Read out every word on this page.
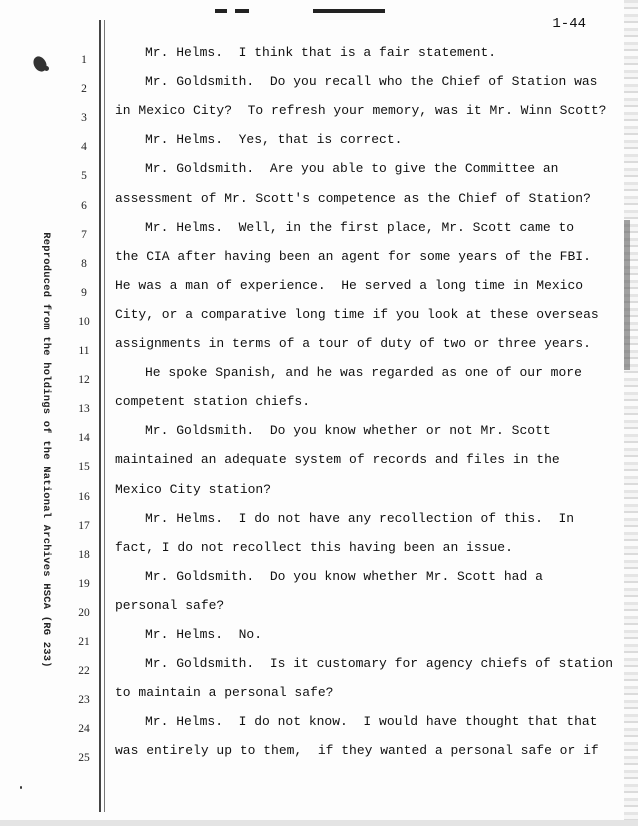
1-44
Reproduced from the holdings of the National Archives HSCA (RG 233)
1
2
3
4
5
6
7
8
9
10
11
12
13
14
15
16
17
18
19
20
21
22
23
24
25
Mr. Helms.  I think that is a fair statement.
Mr. Goldsmith.  Do you recall who the Chief of Station was
in Mexico City?  To refresh your memory, was it Mr. Winn Scott?
Mr. Helms.  Yes, that is correct.
Mr. Goldsmith.  Are you able to give the Committee an
assessment of Mr. Scott's competence as the Chief of Station?
Mr. Helms.  Well, in the first place, Mr. Scott came to
the CIA after having been an agent for some years of the FBI.
He was a man of experience.  He served a long time in Mexico
City, or a comparative long time if you look at these overseas
assignments in terms of a tour of duty of two or three years.
He spoke Spanish, and he was regarded as one of our more
competent station chiefs.
Mr. Goldsmith.  Do you know whether or not Mr. Scott
maintained an adequate system of records and files in the
Mexico City station?
Mr. Helms.  I do not have any recollection of this.  In
fact, I do not recollect this having been an issue.
Mr. Goldsmith.  Do you know whether Mr. Scott had a
personal safe?
Mr. Helms.  No.
Mr. Goldsmith.  Is it customary for agency chiefs of station
to maintain a personal safe?
Mr. Helms.  I do not know.  I would have thought that that
was entirely up to them,  if they wanted a personal safe or if
